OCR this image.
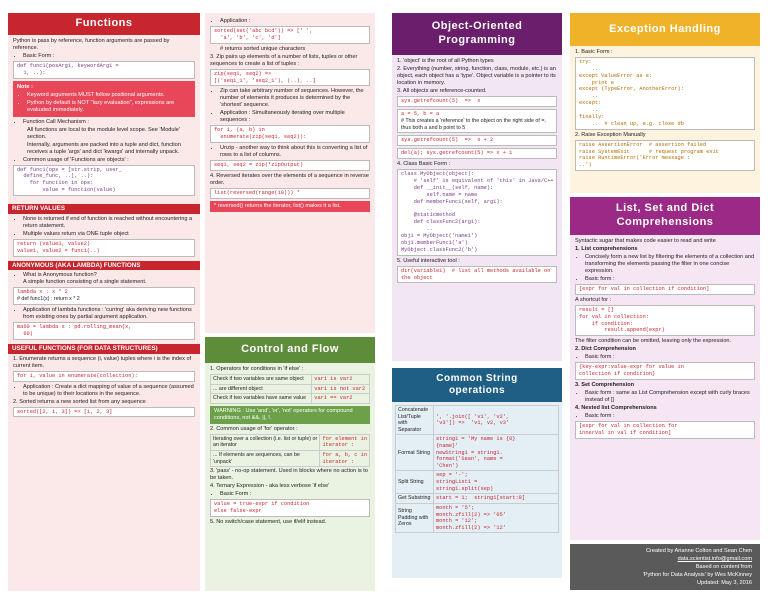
Functions

Python is pass by reference, function arguments are passed by reference.

• Basic Form :
def func1(posArg1, keywordArg1 =
1, ..):

Note :

• Keyword arguments MUST follow positional arguments.
• Python by default is NOT "lazy evaluation", expressions are evaluated immediately.
• Function Call Mechanism :

All functions are local to the module level scope. See 'Module' section.

Internally, arguments are packed into a tuple and dict, function receives a tuple 'args' and dict 'kwargs' and internally unpack.

• Common usage of 'Functions are objects' :
def func1(ops = [str.strip, user_
define_func, ..], ..):
for function in ops:
value = function(value)
RETURN VALUES
• None is returned if end of function is reached without encountering a return statement.
• Multiple values return via ONE tuple object
return (value1, value2)
value1, value2 = func1(..)
ANONYMOUS (AKA LAMBDA) FUNCTIONS
• What is Anonymous function?
A simple function consisting of a single statement.
lambda x : x * 2
# def func1(x) : return x * 2
• Application of lambda functions : 'curring' aka deriving new functions from existing ones by partial argument application.
ma60 = lambda x : pd.rolling_mean(x,
60)
USEFUL FUNCTIONS (FOR DATA STRUCTURES)

1. Enumerate returns a sequence (i, value) tuples where i is the index of current item.

for i, value in enumerate(collection):
• Application : Create a dict mapping of value of a sequence (assumed to be unique) to their locations in the sequence.

2. Sorted returns a new sorted list from any sequence

sorted([2, 1, 3]) => [1, 2, 3]
• Application :
sorted(set('abc bcd')) => [' ',
'a', 'b', 'c', 'd']

# returns sorted unique characters

3. Zip pairs up elements of a number of lists, tuples or other sequences to create a list of tuples :

zip(seq1, seq2) =>
[('seq1_1', 'seq2_1'), (..), ..]
• Zip can take arbitrary number of sequences. However, the number of elements it produces is determined by the 'shortest' sequence.
• Application : Simultaneously iterating over multiple sequences :
for i, (a, b) in
enumerate(zip(seq1, seq2)):
• Unzip - another way to think about this is converting a list of rows to a list of columns.
seq1, seq2 = zip(*zipOutput)

4. Reversed iterates over the elements of a sequence in reverse order.

list(reversed(range(10))) *
* reversed() returns the iterator, list() makes it a list.
Control and Flow

1. Operators for conditions in 'if else' :

Check if two variables are same object	var1 is var2
... are different object	var1 is not var2
Check if two variables have same value	var1 == var2
WARNING : Use 'and', 'or', 'not' operators for compound conditions, not &&, ||, !.

2. Common usage of 'for' operator :

Iterating over a collection (i.e. list or tuple) or an iterator	for element in
iterator :
... If elements are sequences, can be 'unpack'	for a, b, c in
iterator :

3. 'pass' - no-op statement. Used in blocks where no action is to be taken.

4. Ternary Expression - aka less verbose 'if else'

• Basic Form :
value = true-expr if condition
else false-expr

5. No switch/case statement, use if/elif instead.

Object-Oriented
Programming

1. 'object' is the root of all Python types

2. Everything (number, string, function, class, module, etc.) is an object, each object has a 'type'. Object variable is a pointer to its location in memory.

3. All objects are reference-counted.

sys.getrefcount(5)  =>  x
a = 5, b = a
# This creates a 'reference' to the object on the right side of =, thus both a and b point to 5
sys.getrefcount(5)  =>  x + 2
del(a); sys.getrefcount(5) => x + 1

4. Class Basic Form :

class MyObject(object):
# 'self' is equivalent of 'this' in Java/C++
def __init__(self, name):
self.name = name
def memberFunc1(self, arg1):
..
@staticmethod
def classFunc2(arg1):
..
obj1 = MyObject('name1')
obj1.memberFunc1('a')
MyObject.classFunc2('b')

5. Useful interactive tool :

dir(variable1)  # list all methods available on
the object
Common String
operations
Concatenate List/Tuple with Separator	', '.join([ 'v1', 'v2',
'v3']) =>  'v1, v2, v3'
Format String	string1 = 'My name is {0}
{name}'
newString1 = string1.
format('Sean', name =
'Chen')
Split String	sep = '-';
stringList1 =
string1.split(sep)
Get Substring	start = 1;  string1[start:8]
String Padding with Zeros	month = '5';
month.zfill(2) => '05'
month = '12';
month.zfill(2) => '12'
Exception Handling

1. Basic Form :

try:
..
except ValueError as e:
print e
except (TypeError, AnotherError):
..
except:
..
finally:
..  # clean up, e.g. close db

2. Raise Exception Manually

raise AssertionError  # assertion failed
raise SystemExit      # request program exit
raise RuntimeError('Error message :
..')
List, Set and Dict
Comprehensions

Syntactic sugar that makes code easier to read and write

1. List comprehensions

• Concisely form a new list by filtering the elements of a collection and transforming the elements passing the filter in one concise expression.
• Basic form :
[expr for val in collection if condition]

A shortcut for :

result = []
for val in collection:
if condition:
result.append(expr)

The filter condition can be omitted, leaving only the expression.

2. Dict Comprehension

• Basic form :
{key-expr:value-expr for value in
collection if condition}

3. Set Comprehension

• Basic form : same as List Comprehension except with curly braces instead of []

4. Nested list Comprehensions

• Basic form :
[expr for val in collection for
innerVal in val if condition]
Created by Arianne Colton and Sean Chen
data.scientist.info@gmail.com
Based on content from
'Python for Data Analysis' by Wes McKinney
Updated: May 3, 2016
